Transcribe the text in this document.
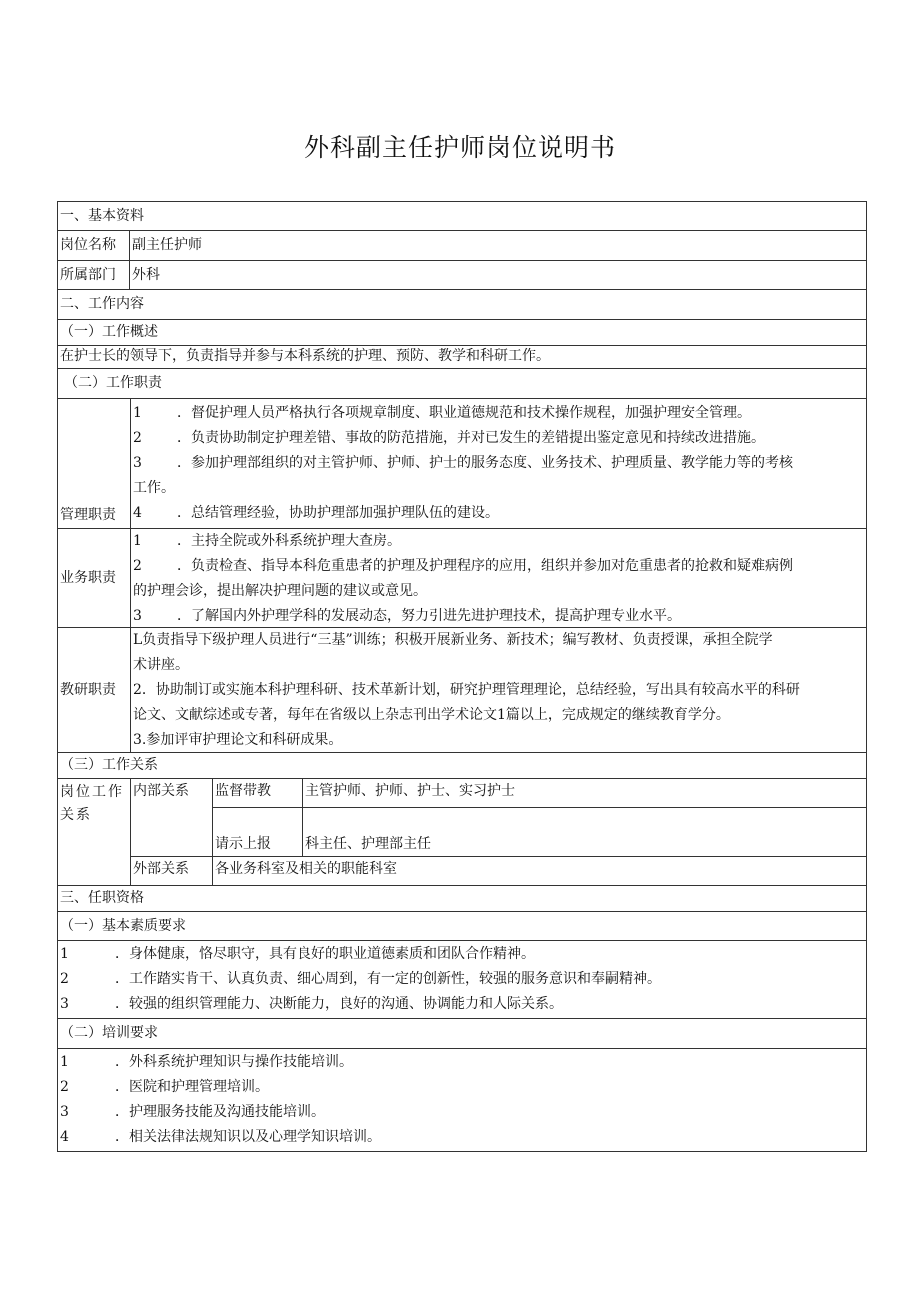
外科副主任护师岗位说明书
一、基本资料
岗位名称	副主任护师
所属部门	外科
二、工作内容
（一）工作概述
在护士长的领导下，负责指导并参与本科系统的护理、预防、教学和科研工作。
（二）工作职责
管理职责
1	．督促护理人员严格执行各项规章制度、职业道德规范和技术操作规程，加强护理安全管理。
2	．负责协助制定护理差错、事故的防范措施，并对已发生的差错提出鉴定意见和持续改进措施。
3	．参加护理部组织的对主管护师、护师、护士的服务态度、业务技术、护理质量、教学能力等的考核
工作。
4	．总结管理经验，协助护理部加强护理队伍的建设。
业务职责
1	．主持全院或外科系统护理大查房。
2	．负责检查、指导本科危重患者的护理及护理程序的应用，组织并参加对危重患者的抢救和疑难病例
的护理会诊，提出解决护理问题的建议或意见。
3	．了解国内外护理学科的发展动态，努力引进先进护理技术，提高护理专业水平。
教研职责
L负责指导下级护理人员进行“三基”训练；积极开展新业务、新技术；编写教材、负责授课，承担全院学
术讲座。
2．协助制订或实施本科护理科研、技术革新计划，研究护理管理理论，总结经验，写出具有较高水平的科研
论文、文献综述或专著，每年在省级以上杂志刊出学术论文1篇以上，完成规定的继续教育学分。
3.参加评审护理论文和科研成果。
（三）工作关系
岗位工作关系
内部关系	监督带教	主管护师、护师、护士、实习护士
请示上报	科主任、护理部主任
外部关系	各业务科室及相关的职能科室
三、任职资格
（一）基本素质要求
1	．身体健康，恪尽职守，具有良好的职业道德素质和团队合作精神。
2	．工作踏实肯干、认真负责、细心周到，有一定的创新性，较强的服务意识和奉嗣精神。
3	．较强的组织管理能力、决断能力，良好的沟通、协调能力和人际关系。
（二）培训要求
1	．外科系统护理知识与操作技能培训。
2	．医院和护理管理培训。
3	．护理服务技能及沟通技能培训。
4	．相关法律法规知识以及心理学知识培训。
